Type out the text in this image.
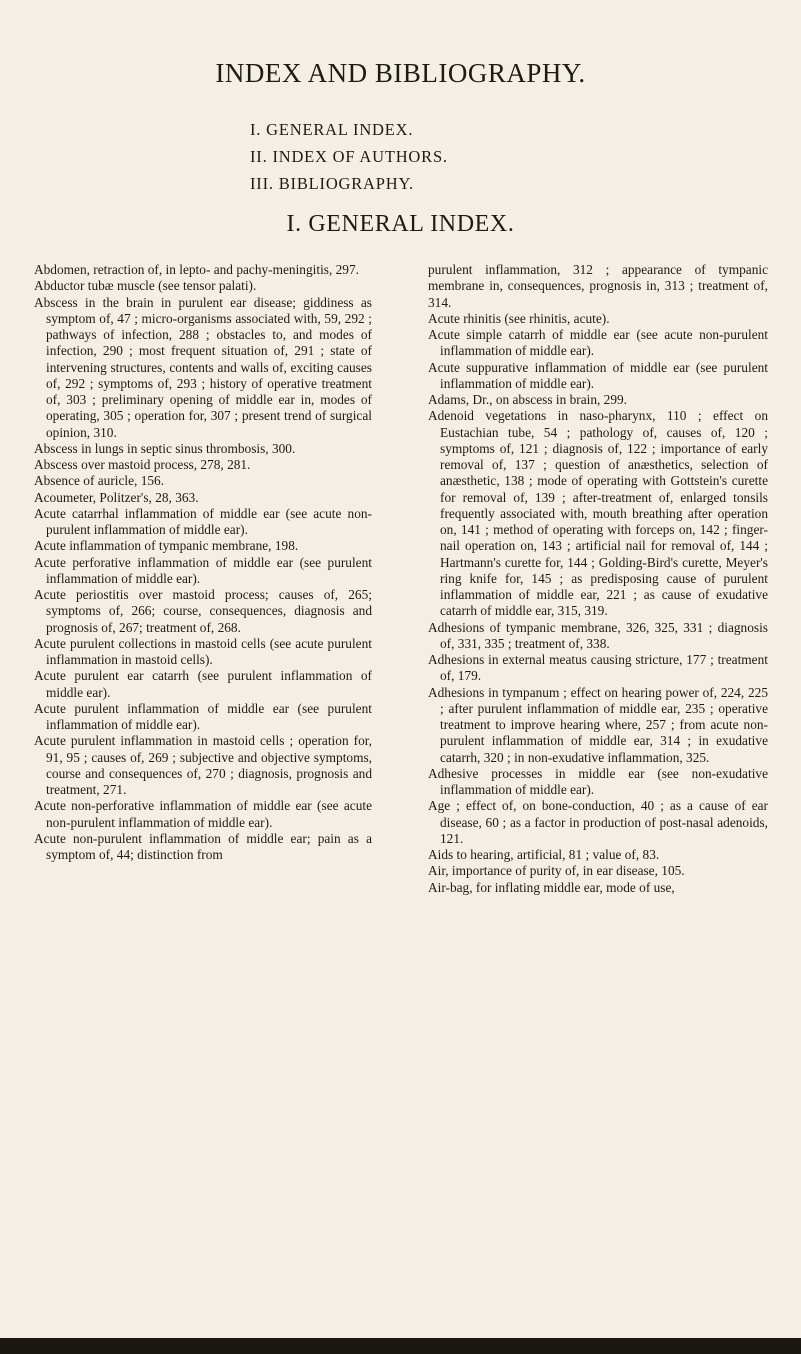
INDEX AND BIBLIOGRAPHY.
I. GENERAL INDEX.
II. INDEX OF AUTHORS.
III. BIBLIOGRAPHY.
I. GENERAL INDEX.
Abdomen, retraction of, in lepto- and pachy-meningitis, 297.
Abductor tubæ muscle (see tensor palati).
Abscess in the brain in purulent ear disease; giddiness as symptom of, 47 ; micro-organisms associated with, 59, 292 ; pathways of infection, 288 ; obstacles to, and modes of infection, 290 ; most frequent situation of, 291 ; state of intervening structures, contents and walls of, exciting causes of, 292 ; symptoms of, 293 ; history of operative treatment of, 303 ; preliminary opening of middle ear in, modes of operating, 305 ; operation for, 307 ; present trend of surgical opinion, 310.
Abscess in lungs in septic sinus thrombosis, 300.
Abscess over mastoid process, 278, 281.
Absence of auricle, 156.
Acoumeter, Politzer's, 28, 363.
Acute catarrhal inflammation of middle ear (see acute non-purulent inflammation of middle ear).
Acute inflammation of tympanic membrane, 198.
Acute perforative inflammation of middle ear (see purulent inflammation of middle ear).
Acute periostitis over mastoid process; causes of, 265; symptoms of, 266; course, consequences, diagnosis and prognosis of, 267; treatment of, 268.
Acute purulent collections in mastoid cells (see acute purulent inflammation in mastoid cells).
Acute purulent ear catarrh (see purulent inflammation of middle ear).
Acute purulent inflammation of middle ear (see purulent inflammation of middle ear).
Acute purulent inflammation in mastoid cells ; operation for, 91, 95 ; causes of, 269 ; subjective and objective symptoms, course and consequences of, 270 ; diagnosis, prognosis and treatment, 271.
Acute non-perforative inflammation of middle ear (see acute non-purulent inflammation of middle ear).
Acute non-purulent inflammation of middle ear; pain as a symptom of, 44; distinction from
purulent inflammation, 312 ; appearance of tympanic membrane in, consequences, prognosis in, 313 ; treatment of, 314.
Acute rhinitis (see rhinitis, acute).
Acute simple catarrh of middle ear (see acute non-purulent inflammation of middle ear).
Acute suppurative inflammation of middle ear (see purulent inflammation of middle ear).
Adams, Dr., on abscess in brain, 299.
Adenoid vegetations in naso-pharynx, 110 ; effect on Eustachian tube, 54 ; pathology of, causes of, 120 ; symptoms of, 121 ; diagnosis of, 122 ; importance of early removal of, 137 ; question of anæsthetics, selection of anæsthetic, 138 ; mode of operating with Gottstein's curette for removal of, 139 ; after-treatment of, enlarged tonsils frequently associated with, mouth breathing after operation on, 141 ; method of operating with forceps on, 142 ; finger-nail operation on, 143 ; artificial nail for removal of, 144 ; Hartmann's curette for, 144 ; Golding-Bird's curette, Meyer's ring knife for, 145 ; as predisposing cause of purulent inflammation of middle ear, 221 ; as cause of exudative catarrh of middle ear, 315, 319.
Adhesions of tympanic membrane, 326, 325, 331 ; diagnosis of, 331, 335 ; treatment of, 338.
Adhesions in external meatus causing stricture, 177 ; treatment of, 179.
Adhesions in tympanum ; effect on hearing power of, 224, 225 ; after purulent inflammation of middle ear, 235 ; operative treatment to improve hearing where, 257 ; from acute non-purulent inflammation of middle ear, 314 ; in exudative catarrh, 320 ; in non-exudative inflammation, 325.
Adhesive processes in middle ear (see non-exudative inflammation of middle ear).
Age ; effect of, on bone-conduction, 40 ; as a cause of ear disease, 60 ; as a factor in production of post-nasal adenoids, 121.
Aids to hearing, artificial, 81 ; value of, 83.
Air, importance of purity of, in ear disease, 105.
Air-bag, for inflating middle ear, mode of use,
